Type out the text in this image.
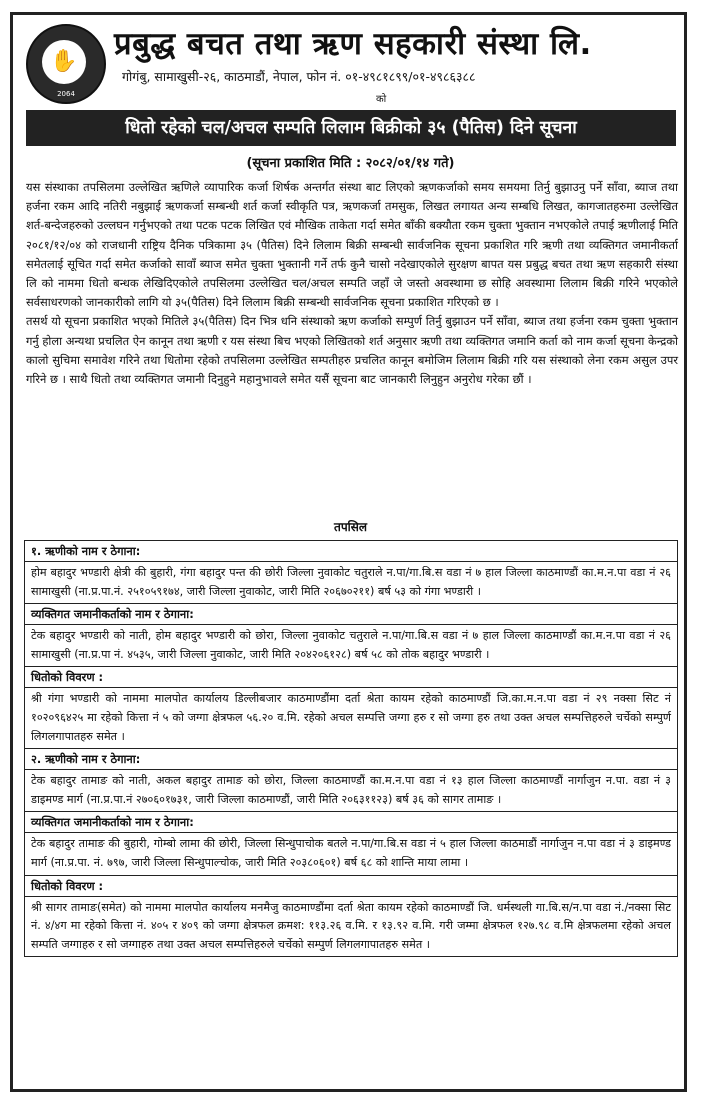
✋
2064
प्रबुद्ध बचत तथा ऋण सहकारी संस्था लि.
गोगंबु, सामाखुसी-२६, काठमाडौं, नेपाल, फोन नं. ०१-४९८१८९९/०१-४९८६३८८
को
धितो रहेको चल/अचल सम्पति लिलाम बिक्रीको ३५ (पैतिस) दिने सूचना
(सूचना प्रकाशित मिति : २०८२/०१/१४ गते)

यस संस्थाका तपसिलमा उल्लेखित ऋणिले व्यापारिक कर्जा शिर्षक अन्तर्गत संस्था बाट लिएको ऋणकर्जाको समय समयमा तिर्नु बुझाउनु पर्ने साँवा, ब्याज तथा हर्जना रकम आदि नतिरी नबुझाई ऋणकर्जा सम्बन्धी शर्त कर्जा स्वीकृति पत्र, ऋणकर्जा तमसुक, लिखत लगायत अन्य सम्बधि लिखत, कागजातहरुमा उल्लेखित शर्त-बन्देजहरुको उल्लघन गर्नुभएको तथा पटक पटक लिखित एवं मौखिक ताकेता गर्दा समेत बाँकी बक्यौता रकम चुक्ता भुक्तान नभएकोले तपाई ऋणीलाई मिति २०८१/१२/०४ को राजधानी राष्ट्रिय दैनिक पत्रिकामा ३५ (पैतिस) दिने लिलाम बिक्री सम्बन्धी सार्वजनिक सूचना प्रकाशित गरि ऋणी तथा व्यक्तिगत जमानीकर्ता समेतलाई सूचित गर्दा समेत कर्जाको सावाँ ब्याज समेत चुक्ता भुक्तानी गर्ने तर्फ कुनै चासो नदेखाएकोले सुरक्षण बापत यस प्रबुद्ध बचत तथा ऋण सहकारी संस्था लि को नाममा धितो बन्धक लेखिदिएकोले तपसिलमा उल्लेखित चल/अचल सम्पति जहाँ जे जस्तो अवस्थामा छ सोहि अवस्थामा लिलाम बिक्री गरिने भएकोले सर्वसाधरणको जानकारीको लागि यो ३५(पैतिस) दिने लिलाम बिक्री सम्बन्धी सार्वजनिक सूचना प्रकाशित गरिएको छ ।

तसर्थ यो सूचना प्रकाशित भएको मितिले ३५(पैतिस) दिन भित्र धनि संस्थाको ऋण कर्जाको सम्पुर्ण तिर्नु बुझाउन पर्ने साँवा, ब्याज तथा हर्जना रकम चुक्ता भुक्तान गर्नु होला अन्यथा प्रचलित ऐन कानून तथा ऋणी र यस संस्था बिच भएको लिखितको शर्त अनुसार ऋणी तथा व्यक्तिगत जमानि कर्ता को नाम कर्जा सूचना केन्द्रको कालो सुचिमा समावेश गरिने तथा धितोमा रहेको तपसिलमा उल्लेखित सम्पतीहरु प्रचलित कानून बमोजिम लिलाम बिक्री गरि यस संस्थाको लेना रकम असुल उपर गरिने छ । साथै धितो तथा व्यक्तिगत जमानी दिनुहुने महानुभावले समेत यसैं सूचना बाट जानकारी लिनुहुन अनुरोध गरेका छौं ।

तपसिल
१. ऋणीको नाम र ठेगाना:
होम बहादुर भण्डारी क्षेत्री की बुहारी, गंगा बहादुर पन्त की छोरी जिल्ला नुवाकोट चतुराले न.पा/गा.बि.स वडा नं ७ हाल जिल्ला काठमाण्डौं का.म.न.पा वडा नं २६ सामाखुसी (ना.प्र.पा.नं. २५१०५९१७४, जारी जिल्ला नुवाकोट, जारी मिति २०६७०२११) बर्ष ५३ को गंगा भण्डारी ।
व्यक्तिगत जमानीकर्ताको नाम र ठेगाना:
टेक बहादुर भण्डारी को नाती, होम बहादुर भण्डारी को छोरा, जिल्ला नुवाकोट चतुराले न.पा/गा.बि.स वडा नं ७ हाल जिल्ला काठमाण्डौं का.म.न.पा वडा नं २६ सामाखुसी (ना.प्र.पा नं. ४५३५, जारी जिल्ला नुवाकोट, जारी मिति २०४२०६१२८) बर्ष ५८ को तोक बहादुर भण्डारी ।
धितोको विवरण :
श्री गंगा भण्डारी को नाममा मालपोत कार्यालय डिल्लीबजार काठमाण्डौंमा दर्ता श्रेता कायम रहेको काठमाण्डौं जि.का.म.न.पा वडा नं २९ नक्सा सिट नं १०२०९६४२५ मा रहेको कित्ता नं ५ को जग्गा क्षेत्रफल ५६.२० व.मि. रहेको अचल सम्पत्ति जग्गा हरु र सो जग्गा हरु तथा उक्त अचल सम्पत्तिहरुले चर्चेको सम्पुर्ण लिगलगापातहरु समेत ।
२. ऋणीको नाम र ठेगाना:
टेक बहादुर तामाङ को नाती, अकल बहादुर तामाङ को छोरा, जिल्ला काठमाण्डौं का.म.न.पा वडा नं १३ हाल जिल्ला काठमाण्डौं नार्गाजुन न.पा. वडा नं ३ डाइमण्ड मार्ग (ना.प्र.पा.नं २७०६०१७३१, जारी जिल्ला काठमाण्डौं, जारी मिति २०६३११२३) बर्ष ३६ को सागर तामाङ ।
व्यक्तिगत जमानीकर्ताको नाम र ठेगाना:
टेक बहादुर तामाङ की बुहारी, गोम्बो लामा की छोरी, जिल्ला सिन्धुपाचोक बतले न.पा/गा.बि.स वडा नं ५ हाल जिल्ला काठमाडौं नार्गाजुन न.पा वडा नं ३ डाइमण्ड मार्ग (ना.प्र.पा. नं. ७९७, जारी जिल्ला सिन्धुपाल्चोक, जारी मिति २०३८०६०१) बर्ष ६८ को शान्ति माया लामा ।
धितोको विवरण :
श्री सागर तामाङ(समेत) को नाममा मालपोत कार्यालय मनमैजु काठमाण्डौंमा दर्ता श्रेता कायम रहेको काठमाण्डौं जि. धर्मस्थली गा.बि.स/न.पा वडा नं./नक्सा सिट नं. ४/४ग मा रहेको कित्ता नं. ४०५ र ४०९ को जग्गा क्षेत्रफल क्रमश: ११३.२६ व.मि. र १३.९२ व.मि. गरी जम्मा क्षेत्रफल १२७.९८ व.मि क्षेत्रफलमा रहेको अचल सम्पति जग्गाहरु र सो जग्गाहरु तथा उक्त अचल सम्पत्तिहरुले चर्चेको सम्पुर्ण लिगलगापातहरु समेत ।
